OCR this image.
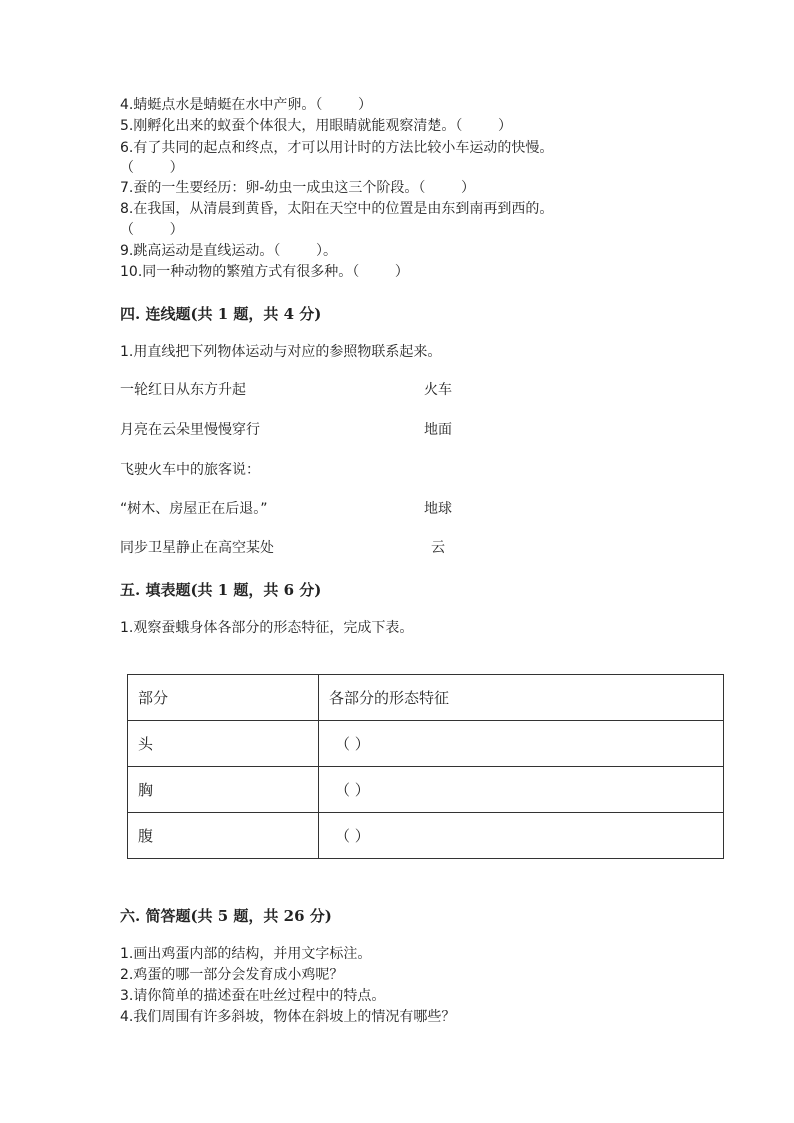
4.蜻蜓点水是蜻蜓在水中产卵。（        ）
5.刚孵化出来的蚁蚕个体很大，用眼睛就能观察清楚。（        ）
6.有了共同的起点和终点，才可以用计时的方法比较小车运动的快慢。
（        ）
7.蚕的一生要经历：卵-幼虫一成虫这三个阶段。（        ）
8.在我国，从清晨到黄昏，太阳在天空中的位置是由东到南再到西的。
（        ）
9.跳高运动是直线运动。（        ）。
10.同一种动物的繁殖方式有很多种。（        ）
四. 连线题(共 1 题，共 4 分)
1.用直线把下列物体运动与对应的参照物联系起来。
一轮红日从东方升起
月亮在云朵里慢慢穿行
飞驶火车中的旅客说：
“树木、房屋正在后退。”
同步卫星静止在高空某处
火车
地面
地球
云
五. 填表题(共 1 题，共 6 分)
1.观察蚕蛾身体各部分的形态特征，完成下表。
部分	各部分的形态特征
头	（ ）
胸	（ ）
腹	（ ）
六. 简答题(共 5 题，共 26 分)
1.画出鸡蛋内部的结构，并用文字标注。
2.鸡蛋的哪一部分会发育成小鸡呢？
3.请你简单的描述蚕在吐丝过程中的特点。
4.我们周围有许多斜坡，物体在斜坡上的情况有哪些？
